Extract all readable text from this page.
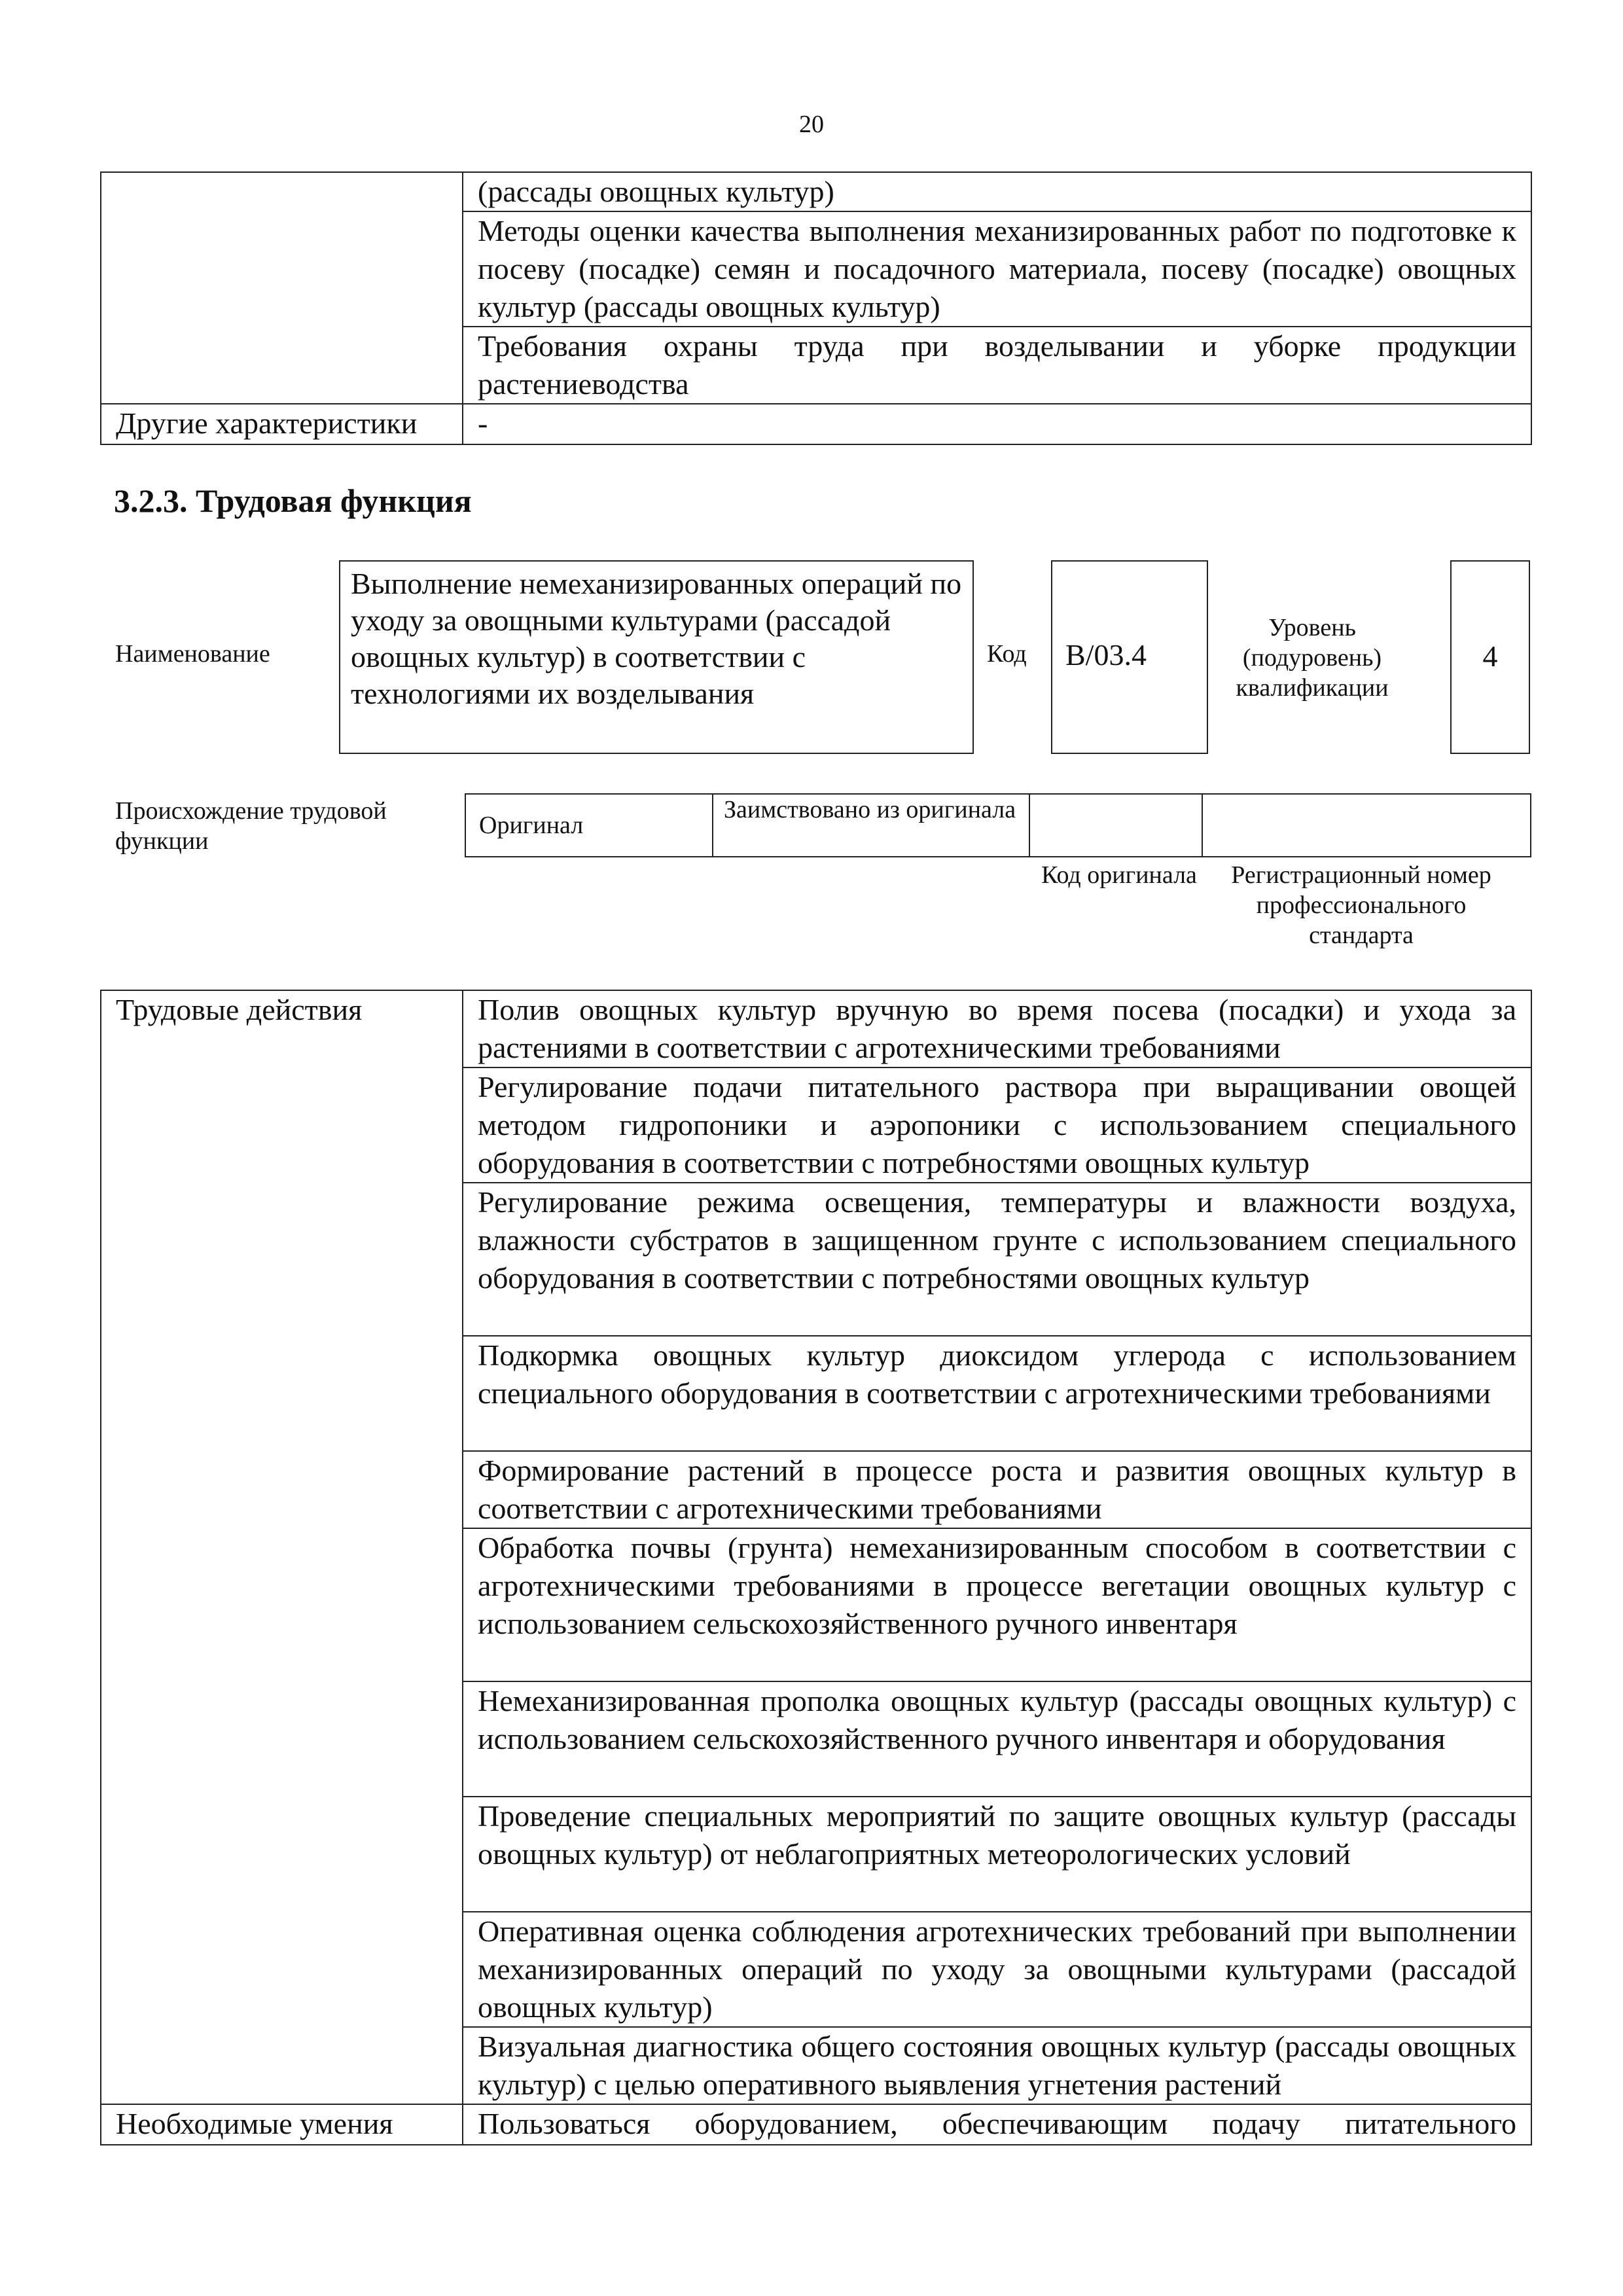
20
	(рассады овощных культур)
	Методы оценки качества выполнения механизированных работ по подготовке к посеву (посадке) семян и посадочного материала, посеву (посадке) овощных культур (рассады овощных культур)
	Требования охраны труда при возделывании и уборке продукции растениеводства
Другие характеристики	-
3.2.3. Трудовая функция
Наименование
Выполнение немеханизированных операций по уходу за овощными культурами (рассадой овощных культур) в соответствии с технологиями их возделывания
Код	B/03.4
Уровень (подуровень) квалификации
4
Происхождение трудовой функции
Оригинал	Заимствовано из оригинала		
Код оригинала	Регистрационный номер профессионального стандарта
Трудовые действия	Полив овощных культур вручную во время посева (посадки) и ухода за растениями в соответствии с агротехническими требованиями
	Регулирование подачи питательного раствора при выращивании овощей методом гидропоники и аэропоники с использованием специального оборудования в соответствии с потребностями овощных культур
	Регулирование режима освещения, температуры и влажности воздуха, влажности субстратов в защищенном грунте с использованием специального оборудования в соответствии с потребностями овощных культур
	Подкормка овощных культур диоксидом углерода с использованием специального оборудования в соответствии с агротехническими требованиями
	Формирование растений в процессе роста и развития овощных культур в соответствии с агротехническими требованиями
	Обработка почвы (грунта) немеханизированным способом в соответствии с агротехническими требованиями в процессе вегетации овощных культур с использованием сельскохозяйственного ручного инвентаря
	Немеханизированная прополка овощных культур (рассады овощных культур) с использованием сельскохозяйственного ручного инвентаря и оборудования
	Проведение специальных мероприятий по защите овощных культур (рассады овощных культур) от неблагоприятных метеорологических условий
	Оперативная оценка соблюдения агротехнических требований при выполнении механизированных операций по уходу за овощными культурами (рассадой овощных культур)
	Визуальная диагностика общего состояния овощных культур (рассады овощных культур) с целью оперативного выявления угнетения растений
Необходимые умения	Пользоваться оборудованием, обеспечивающим подачу питательного
